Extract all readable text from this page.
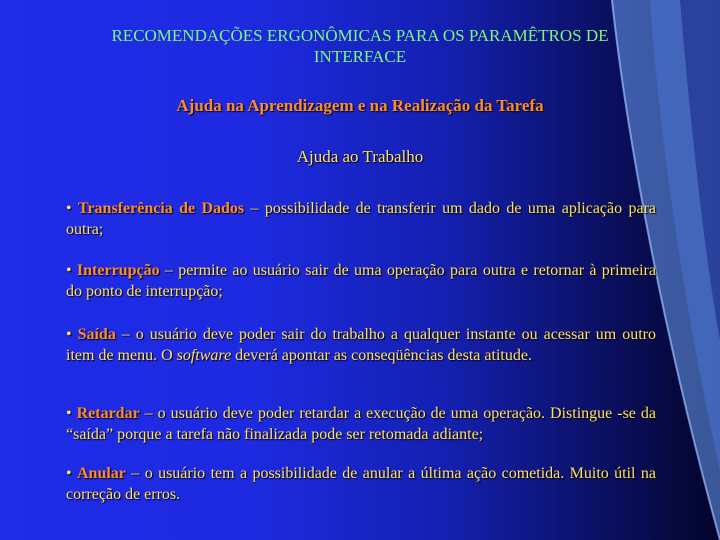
RECOMENDAÇÕES ERGONÔMICAS PARA OS PARAMÊTROS DE
INTERFACE
Ajuda na Aprendizagem e na Realização da Tarefa
Ajuda ao Trabalho
• Transferência de Dados – possibilidade de transferir um dado de uma aplicação para outra;
• Interrupção – permite ao usuário sair de uma operação para outra e retornar à primeira do ponto de interrupção;
• Saída – o usuário deve poder sair do trabalho a qualquer instante ou acessar um outro item de menu. O software deverá apontar as conseqüências desta atitude.
• Retardar – o usuário deve poder retardar a execução de uma operação. Distingue -se da “saída” porque a tarefa não finalizada pode ser retomada adiante;
• Anular – o usuário tem a possibilidade de anular a última ação cometida. Muito útil na correção de erros.
